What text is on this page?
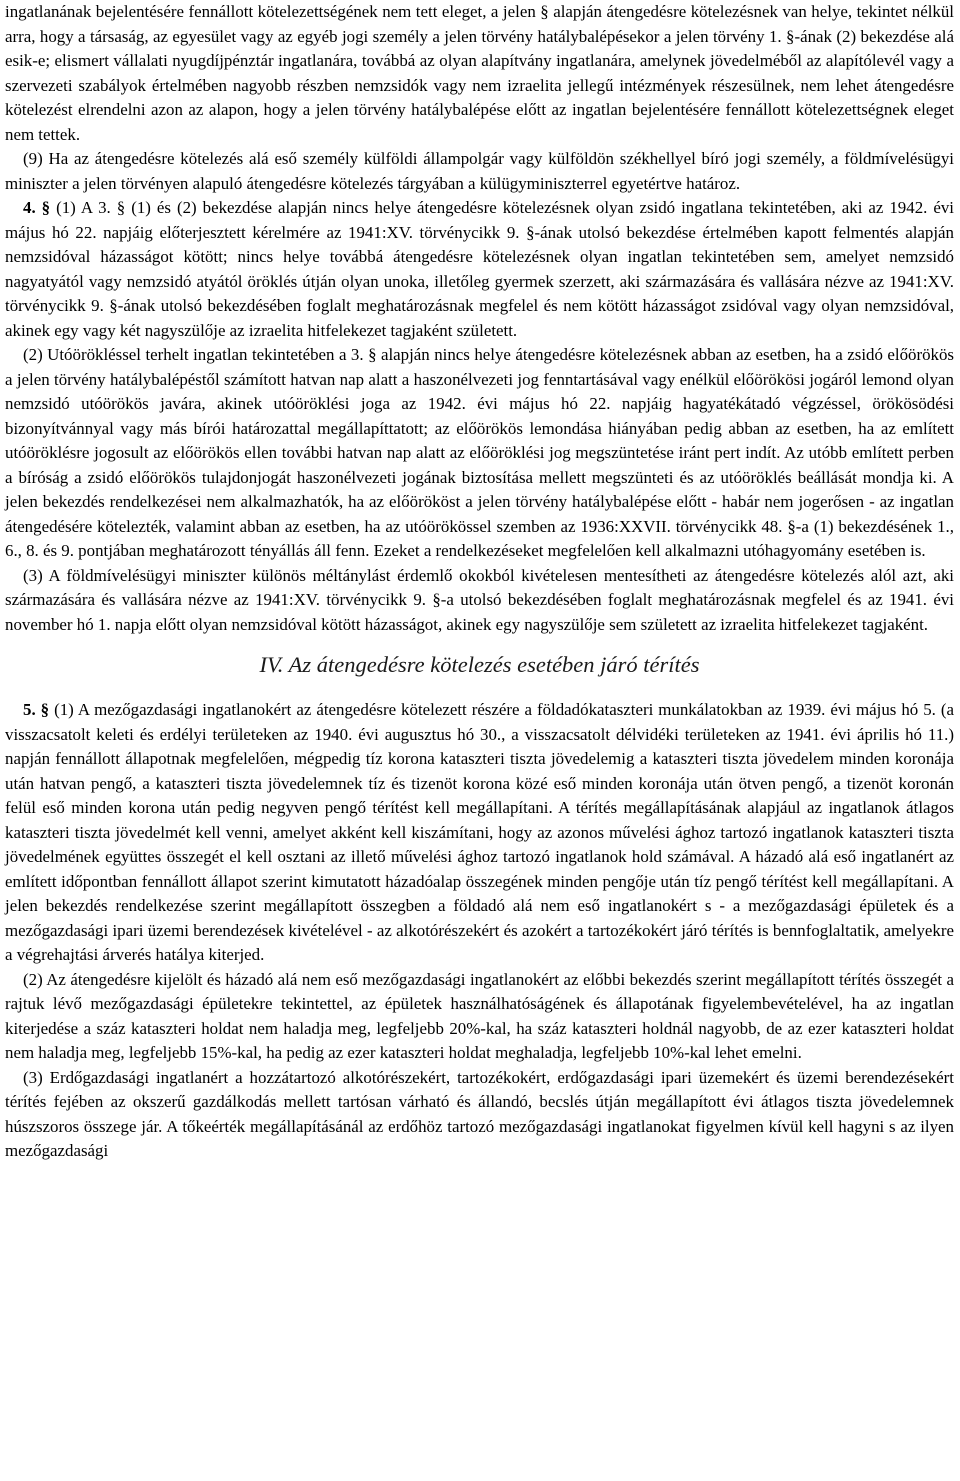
ingatlanának bejelentésére fennállott kötelezettségének nem tett eleget, a jelen § alapján átengedésre kötelezésnek van helye, tekintet nélkül arra, hogy a társaság, az egyesület vagy az egyéb jogi személy a jelen törvény hatálybalépésekor a jelen törvény 1. §-ának (2) bekezdése alá esik-e; elismert vállalati nyugdíjpénztár ingatlanára, továbbá az olyan alapítvány ingatlanára, amelynek jövedelméből az alapítólevél vagy a szervezeti szabályok értelmében nagyobb részben nemzsidók vagy nem izraelita jellegű intézmények részesülnek, nem lehet átengedésre kötelezést elrendelni azon az alapon, hogy a jelen törvény hatálybalépése előtt az ingatlan bejelentésére fennállott kötelezettségnek eleget nem tettek.

(9) Ha az átengedésre kötelezés alá eső személy külföldi állampolgár vagy külföldön székhellyel bíró jogi személy, a földmívelésügyi miniszter a jelen törvényen alapuló átengedésre kötelezés tárgyában a külügyminiszterrel egyetértve határoz.

4. § (1) A 3. § (1) és (2) bekezdése alapján nincs helye átengedésre kötelezésnek olyan zsidó ingatlana tekintetében, aki az 1942. évi május hó 22. napjáig előterjesztett kérelmére az 1941:XV. törvénycikk 9. §-ának utolsó bekezdése értelmében kapott felmentés alapján nemzsidóval házasságot kötött; nincs helye továbbá átengedésre kötelezésnek olyan ingatlan tekintetében sem, amelyet nemzsidó nagyatyától vagy nemzsidó atyától öröklés útján olyan unoka, illetőleg gyermek szerzett, aki származására és vallására nézve az 1941:XV. törvénycikk 9. §-ának utolsó bekezdésében foglalt meghatározásnak megfelel és nem kötött házasságot zsidóval vagy olyan nemzsidóval, akinek egy vagy két nagyszülője az izraelita hitfelekezet tagjaként született.

(2) Utóörökléssel terhelt ingatlan tekintetében a 3. § alapján nincs helye átengedésre kötelezésnek abban az esetben, ha a zsidó előörökös a jelen törvény hatálybalépéstől számított hatvan nap alatt a haszonélvezeti jog fenntartásával vagy enélkül előörökösi jogáról lemond olyan nemzsidó utóörökös javára, akinek utóöröklési joga az 1942. évi május hó 22. napjáig hagyatékátadó végzéssel, örökösödési bizonyítvánnyal vagy más bírói határozattal megállapíttatott; az előörökös lemondása hiányában pedig abban az esetben, ha az említett utóöröklésre jogosult az előörökös ellen további hatvan nap alatt az előöröklési jog megszüntetése iránt pert indít. Az utóbb említett perben a bíróság a zsidó előörökös tulajdonjogát haszonélvezeti jogának biztosítása mellett megszünteti és az utóöröklés beállását mondja ki. A jelen bekezdés rendelkezései nem alkalmazhatók, ha az előörököst a jelen törvény hatálybalépése előtt - habár nem jogerősen - az ingatlan átengedésére kötelezték, valamint abban az esetben, ha az utóörökössel szemben az 1936:XXVII. törvénycikk 48. §-a (1) bekezdésének 1., 6., 8. és 9. pontjában meghatározott tényállás áll fenn. Ezeket a rendelkezéseket megfelelően kell alkalmazni utóhagyomány esetében is.

(3) A földmívelésügyi miniszter különös méltánylást érdemlő okokból kivételesen mentesítheti az átengedésre kötelezés alól azt, aki származására és vallására nézve az 1941:XV. törvénycikk 9. §-a utolsó bekezdésében foglalt meghatározásnak megfelel és az 1941. évi november hó 1. napja előtt olyan nemzsidóval kötött házasságot, akinek egy nagyszülője sem született az izraelita hitfelekezet tagjaként.

IV. Az átengedésre kötelezés esetében járó térítés

5. § (1) A mezőgazdasági ingatlanokért az átengedésre kötelezett részére a földadókataszteri munkálatokban az 1939. évi május hó 5. (a visszacsatolt keleti és erdélyi területeken az 1940. évi augusztus hó 30., a visszacsatolt délvidéki területeken az 1941. évi április hó 11.) napján fennállott állapotnak megfelelően, mégpedig tíz korona kataszteri tiszta jövedelemig a kataszteri tiszta jövedelem minden koronája után hatvan pengő, a kataszteri tiszta jövedelemnek tíz és tizenöt korona közé eső minden koronája után ötven pengő, a tizenöt koronán felül eső minden korona után pedig negyven pengő térítést kell megállapítani. A térítés megállapításának alapjául az ingatlanok átlagos kataszteri tiszta jövedelmét kell venni, amelyet akként kell kiszámítani, hogy az azonos művelési ághoz tartozó ingatlanok kataszteri tiszta jövedelmének együttes összegét el kell osztani az illető művelési ághoz tartozó ingatlanok hold számával. A házadó alá eső ingatlanért az említett időpontban fennállott állapot szerint kimutatott házadóalap összegének minden pengője után tíz pengő térítést kell megállapítani. A jelen bekezdés rendelkezése szerint megállapított összegben a földadó alá nem eső ingatlanokért s - a mezőgazdasági épületek és a mezőgazdasági ipari üzemi berendezések kivételével - az alkotórészekért és azokért a tartozékokért járó térítés is bennfoglaltatik, amelyekre a végrehajtási árverés hatálya kiterjed.

(2) Az átengedésre kijelölt és házadó alá nem eső mezőgazdasági ingatlanokért az előbbi bekezdés szerint megállapított térítés összegét a rajtuk lévő mezőgazdasági épületekre tekintettel, az épületek használhatóságének és állapotának figyelembevételével, ha az ingatlan kiterjedése a száz kataszteri holdat nem haladja meg, legfeljebb 20%-kal, ha száz kataszteri holdnál nagyobb, de az ezer kataszteri holdat nem haladja meg, legfeljebb 15%-kal, ha pedig az ezer kataszteri holdat meghaladja, legfeljebb 10%-kal lehet emelni.

(3) Erdőgazdasági ingatlanért a hozzátartozó alkotórészekért, tartozékokért, erdőgazdasági ipari üzemekért és üzemi berendezésekért térítés fejében az okszerű gazdálkodás mellett tartósan várható és állandó, becslés útján megállapított évi átlagos tiszta jövedelemnek húszszoros összege jár. A tőkeérték megállapításánál az erdőhöz tartozó mezőgazdasági ingatlanokat figyelmen kívül kell hagyni s az ilyen mezőgazdasági
